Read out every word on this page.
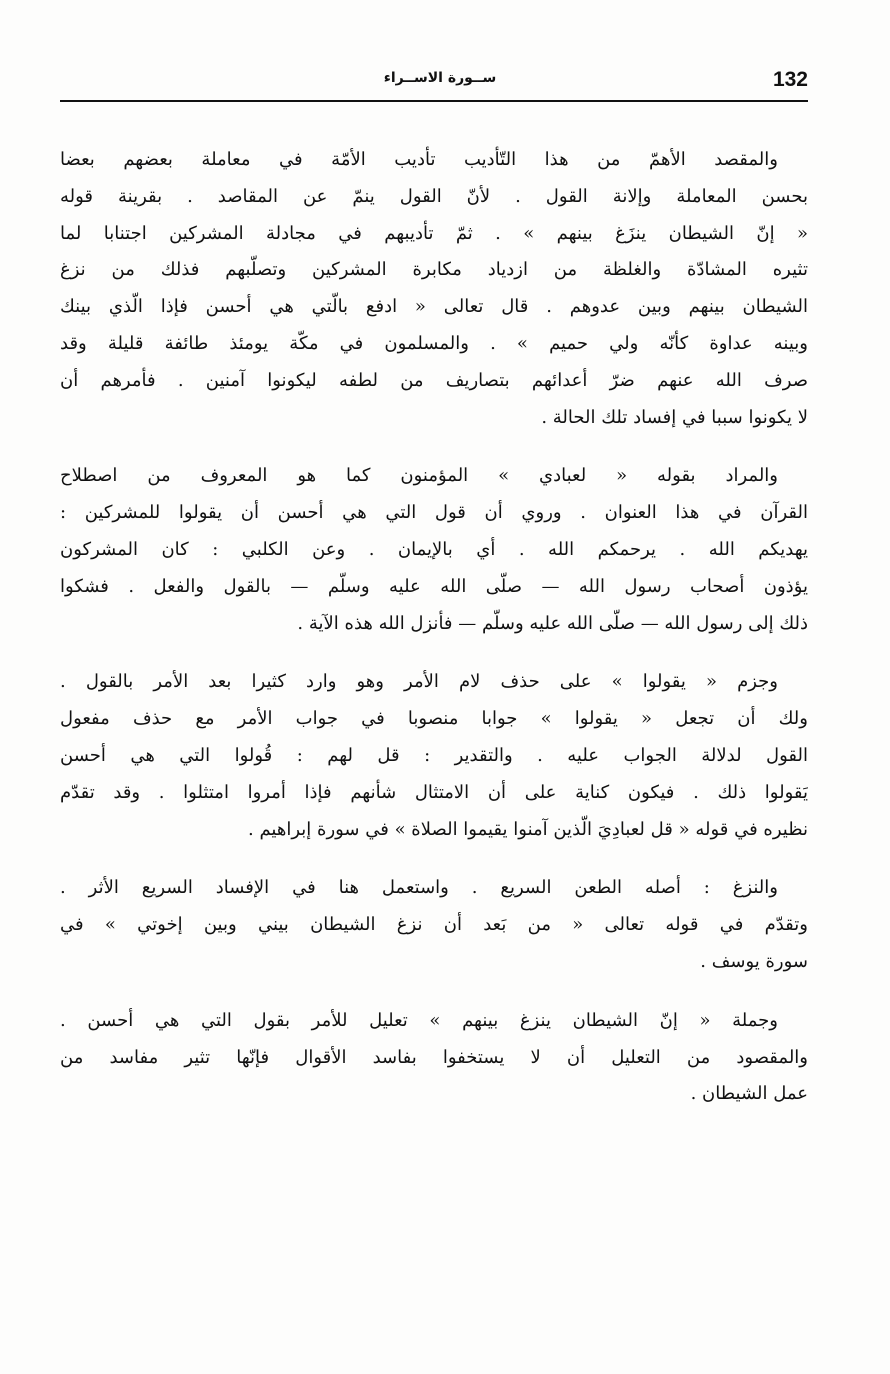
132
ســورة الاســراء
والمقصد الأهمّ من هذا التّأديب تأديب الأمّة في معاملة بعضهم بعضا
بحسن المعاملة وإلانة القول . لأنّ القول ينمّ عن المقاصد . بقرينة قوله
« إنّ الشيطان ينزَغ بينهم » . ثمّ تأديبهم في مجادلة المشركين اجتنابا لما
تثيره المشادّة والغلظة من ازدياد مكابرة المشركين وتصلّبهم فذلك من نزغ
الشيطان بينهم وبين عدوهم . قال تعالى « ادفع بالّتي هي أحسن فإذا الّذي بينك
وبينه عداوة كأنّه ولي حميم » . والمسلمون في مكّة يومئذ طائفة قليلة وقد
صرف الله عنهم ضرّ أعدائهم بتصاريف من لطفه ليكونوا آمنين . فأمرهم أن
لا يكونوا سببا في إفساد تلك الحالة .
والمراد بقوله « لعبادي » المؤمنون كما هو المعروف من اصطلاح
القرآن في هذا العنوان . وروي أن قول التي هي أحسن أن يقولوا للمشركين :
يهديكم الله . يرحمكم الله . أي بالإيمان . وعن الكلبي : كان المشركون
يؤذون أصحاب رسول الله — صلّى الله عليه وسلّم — بالقول والفعل . فشكوا
ذلك إلى رسول الله — صلّى الله عليه وسلّم — فأنزل الله هذه الآية .
وجزم « يقولوا » على حذف لام الأمر وهو وارد كثيرا بعد الأمر بالقول .
ولك أن تجعل « يقولوا » جوابا منصوبا في جواب الأمر مع حذف مفعول
القول لدلالة الجواب عليه . والتقدير : قل لهم : قُولوا التي هي أحسن
يَقولوا ذلك . فيكون كناية على أن الامتثال شأنهم فإذا أمروا امتثلوا . وقد تقدّم
نظيره في قوله « قل لعبادِيَ الّذين آمنوا يقيموا الصلاة » في سورة إبراهيم .
والنزغ : أصله الطعن السريع . واستعمل هنا في الإفساد السريع الأثر .
وتقدّم في قوله تعالى « من بَعد أن نزغ الشيطان بيني وبين إخوتي » في
سورة يوسف .
وجملة « إنّ الشيطان ينزغ بينهم » تعليل للأمر بقول التي هي أحسن .
والمقصود من التعليل أن لا يستخفوا بفاسد الأقوال فإنّها تثير مفاسد من
عمل الشيطان .
